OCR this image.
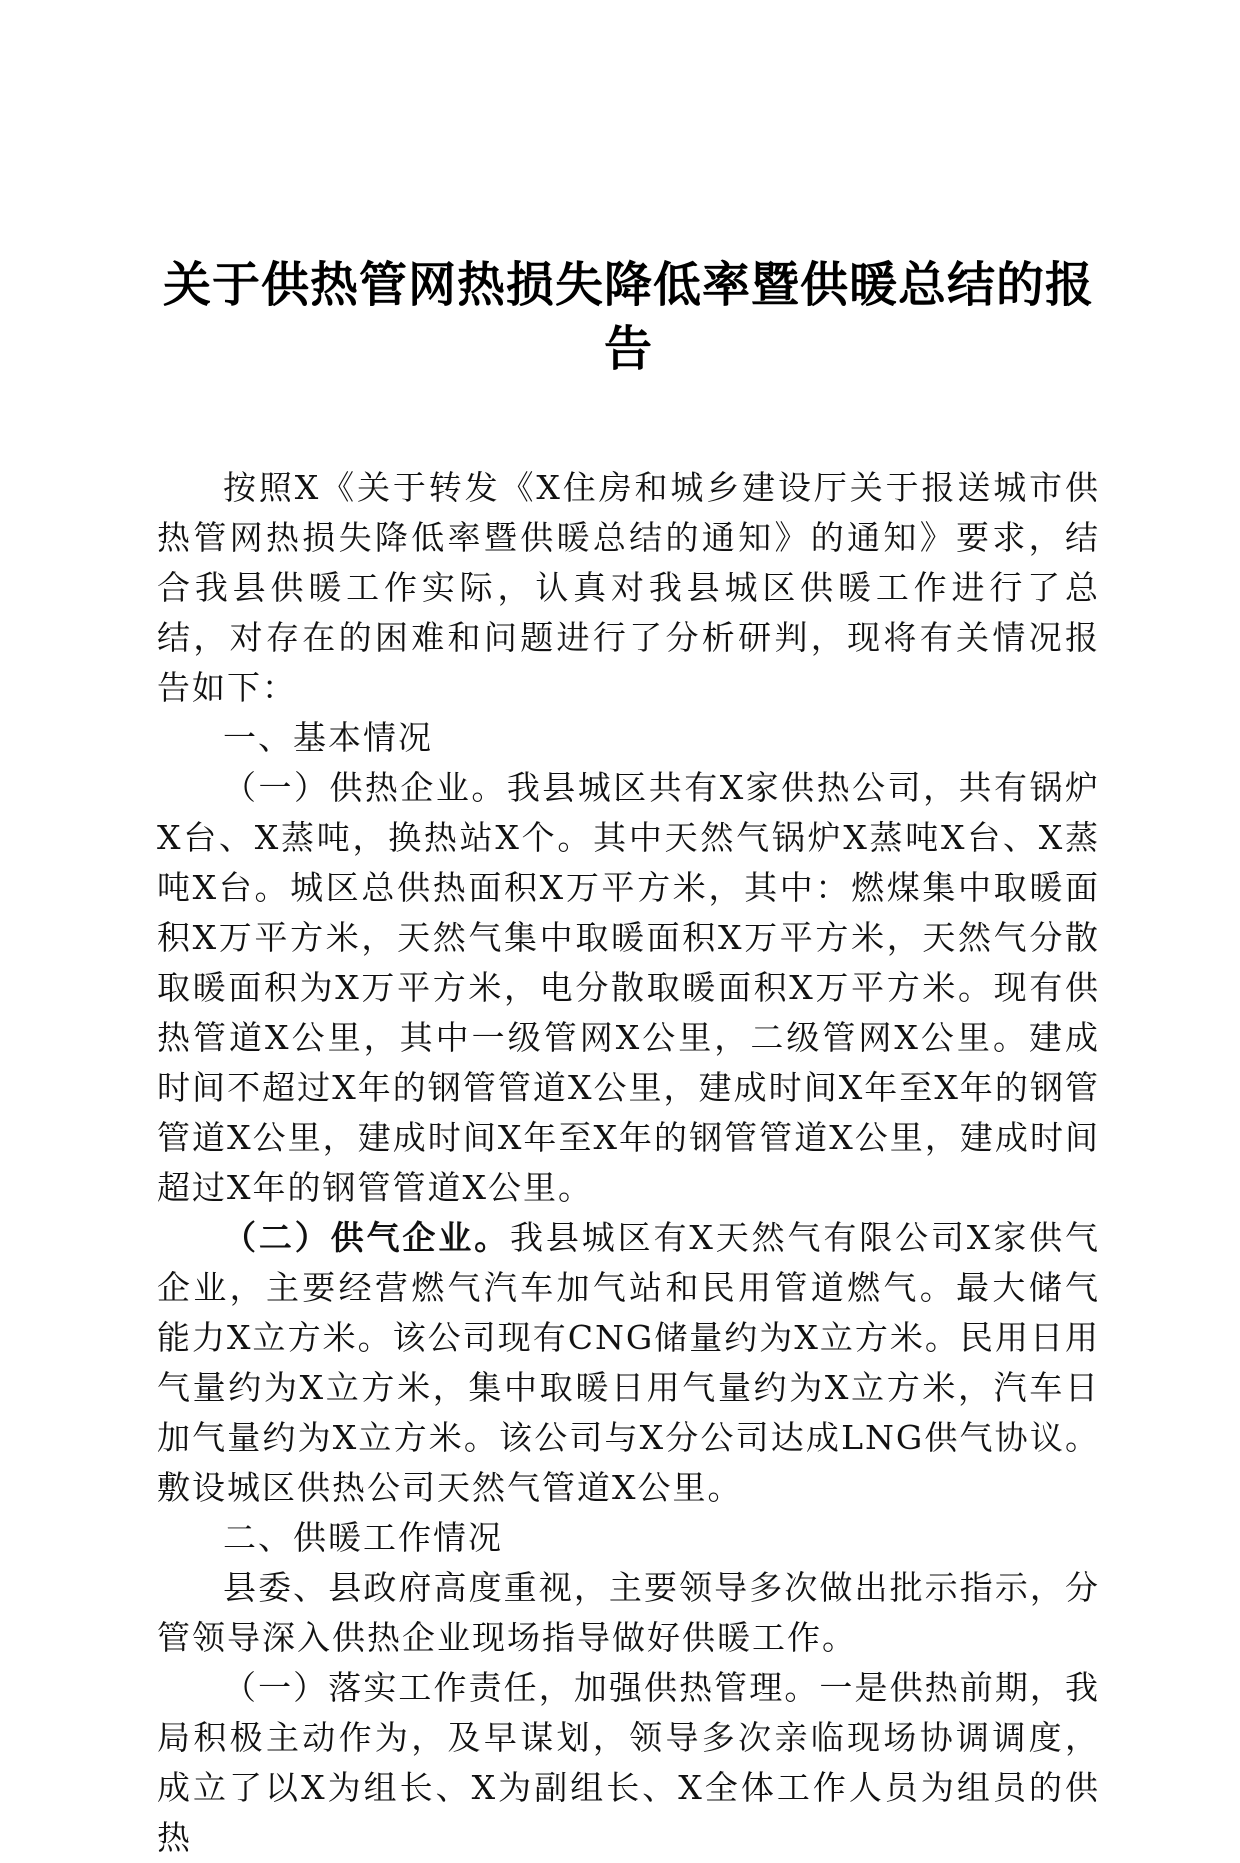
关于供热管网热损失降低率暨供暖总结的报告

按照X《关于转发《X住房和城乡建设厅关于报送城市供热管网热损失降低率暨供暖总结的通知》的通知》要求，结合我县供暖工作实际，认真对我县城区供暖工作进行了总结，对存在的困难和问题进行了分析研判，现将有关情况报告如下：

一、基本情况

（一）供热企业。我县城区共有X家供热公司，共有锅炉X台、X蒸吨，换热站X个。其中天然气锅炉X蒸吨X台、X蒸吨X台。城区总供热面积X万平方米，其中：燃煤集中取暖面积X万平方米，天然气集中取暖面积X万平方米，天然气分散取暖面积为X万平方米，电分散取暖面积X万平方米。现有供热管道X公里，其中一级管网X公里，二级管网X公里。建成时间不超过X年的钢管管道X公里，建成时间X年至X年的钢管管道X公里，建成时间X年至X年的钢管管道X公里，建成时间超过X年的钢管管道X公里。

（二）供气企业。我县城区有X天然气有限公司X家供气企业，主要经营燃气汽车加气站和民用管道燃气。最大储气能力X立方米。该公司现有CNG储量约为X立方米。民用日用气量约为X立方米，集中取暖日用气量约为X立方米，汽车日加气量约为X立方米。该公司与X分公司达成LNG供气协议。敷设城区供热公司天然气管道X公里。

二、供暖工作情况

县委、县政府高度重视，主要领导多次做出批示指示，分管领导深入供热企业现场指导做好供暖工作。

（一）落实工作责任，加强供热管理。一是供热前期，我局积极主动作为，及早谋划，领导多次亲临现场协调调度，成立了以X为组长、X为副组长、X全体工作人员为组员的供热
